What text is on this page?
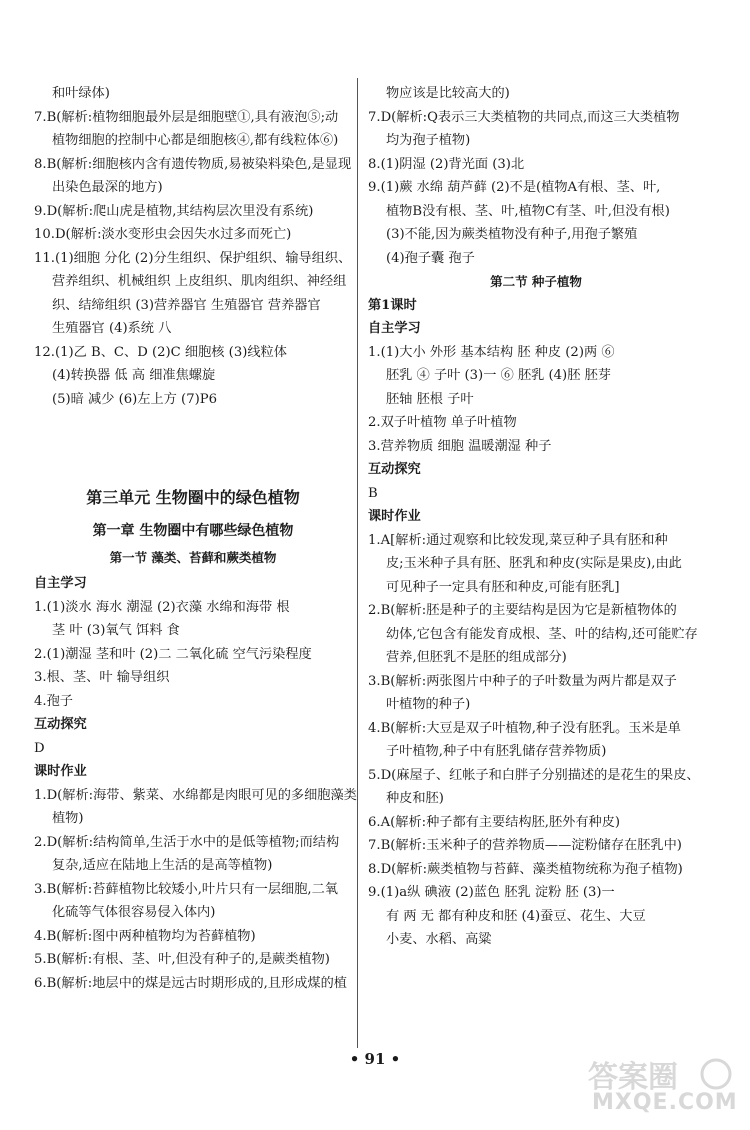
和叶绿体)
7.B(解析:植物细胞最外层是细胞壁①,具有液泡⑤;动
植物细胞的控制中心都是细胞核④,都有线粒体⑥)
8.B(解析:细胞核内含有遗传物质,易被染料染色,是显现
出染色最深的地方)
9.D(解析:爬山虎是植物,其结构层次里没有系统)
10.D(解析:淡水变形虫会因失水过多而死亡)
11.(1)细胞 分化 (2)分生组织、保护组织、输导组织、
营养组织、机械组织 上皮组织、肌肉组织、神经组
织、结缔组织 (3)营养器官 生殖器官 营养器官
生殖器官 (4)系统 八
12.(1)乙 B、C、D (2)C 细胞核 (3)线粒体
(4)转换器 低 高 细准焦螺旋
(5)暗 减少 (6)左上方 (7)P6
第三单元 生物圈中的绿色植物
第一章 生物圈中有哪些绿色植物
第一节 藻类、苔藓和蕨类植物
自主学习
1.(1)淡水 海水 潮湿 (2)衣藻 水绵和海带 根
茎 叶 (3)氧气 饵料 食
2.(1)潮湿 茎和叶 (2)二 二氧化硫 空气污染程度
3.根、茎、叶 输导组织
4.孢子
互动探究
D
课时作业
1.D(解析:海带、紫菜、水绵都是肉眼可见的多细胞藻类
植物)
2.D(解析:结构简单,生活于水中的是低等植物;而结构
复杂,适应在陆地上生活的是高等植物)
3.B(解析:苔藓植物比较矮小,叶片只有一层细胞,二氧
化硫等气体很容易侵入体内)
4.B(解析:图中两种植物均为苔藓植物)
5.B(解析:有根、茎、叶,但没有种子的,是蕨类植物)
6.B(解析:地层中的煤是远古时期形成的,且形成煤的植
物应该是比较高大的)
7.D(解析:Q表示三大类植物的共同点,而这三大类植物
均为孢子植物)
8.(1)阴湿 (2)背光面 (3)北
9.(1)蕨 水绵 葫芦藓 (2)不是(植物A有根、茎、叶,
植物B没有根、茎、叶,植物C有茎、叶,但没有根)
(3)不能,因为蕨类植物没有种子,用孢子繁殖
(4)孢子囊 孢子
第二节 种子植物
第1课时
自主学习
1.(1)大小 外形 基本结构 胚 种皮 (2)两 ⑥
胚乳 ④ 子叶 (3)一 ⑥ 胚乳 (4)胚 胚芽
胚轴 胚根 子叶
2.双子叶植物 单子叶植物
3.营养物质 细胞 温暖潮湿 种子
互动探究
B
课时作业
1.A[解析:通过观察和比较发现,菜豆种子具有胚和种
皮;玉米种子具有胚、胚乳和种皮(实际是果皮),由此
可见种子一定具有胚和种皮,可能有胚乳]
2.B(解析:胚是种子的主要结构是因为它是新植物体的
幼体,它包含有能发育成根、茎、叶的结构,还可能贮存
营养,但胚乳不是胚的组成部分)
3.B(解析:两张图片中种子的子叶数量为两片都是双子
叶植物的种子)
4.B(解析:大豆是双子叶植物,种子没有胚乳。玉米是单
子叶植物,种子中有胚乳储存营养物质)
5.D(麻屋子、红帐子和白胖子分别描述的是花生的果皮、
种皮和胚)
6.A(解析:种子都有主要结构胚,胚外有种皮)
7.B(解析:玉米种子的营养物质——淀粉储存在胚乳中)
8.D(解析:蕨类植物与苔藓、藻类植物统称为孢子植物)
9.(1)a纵 碘液 (2)蓝色 胚乳 淀粉 胚 (3)一
有 两 无 都有种皮和胚 (4)蚕豆、花生、大豆
小麦、水稻、高粱
• 91 •
答案圈
MXQE.COM
